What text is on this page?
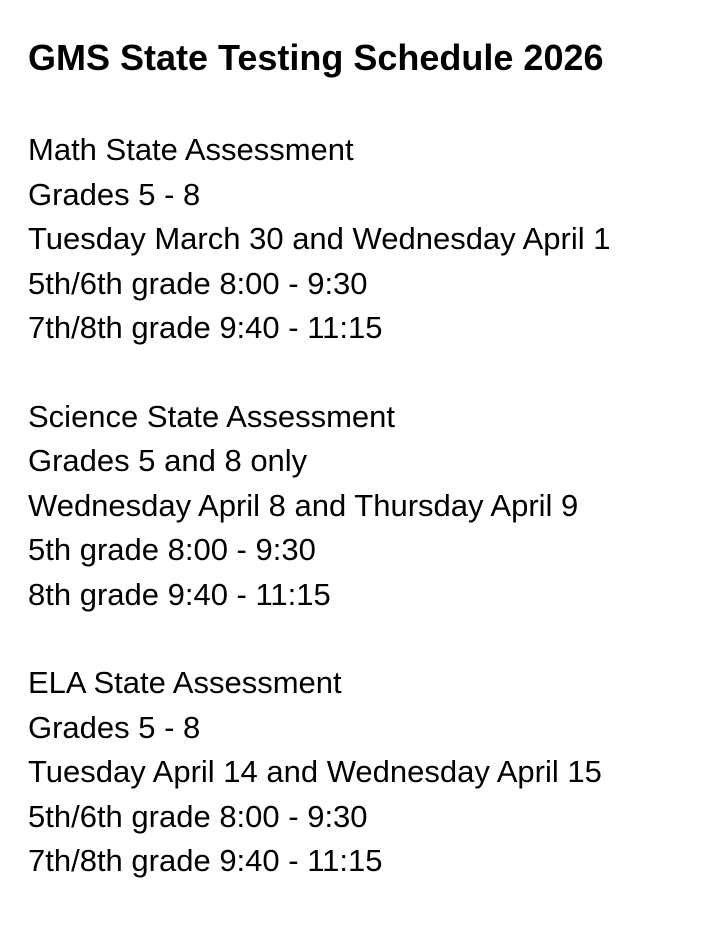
GMS State Testing Schedule 2026

Math State Assessment

Grades 5 - 8

Tuesday March 30 and Wednesday April 1

5th/6th grade 8:00 - 9:30

7th/8th grade 9:40 - 11:15

Science State Assessment

Grades 5 and 8 only

Wednesday April 8 and Thursday April 9

5th grade 8:00 - 9:30

8th grade 9:40 - 11:15

ELA State Assessment

Grades 5 - 8

Tuesday April 14 and Wednesday April 15

5th/6th grade 8:00 - 9:30

7th/8th grade 9:40 - 11:15
